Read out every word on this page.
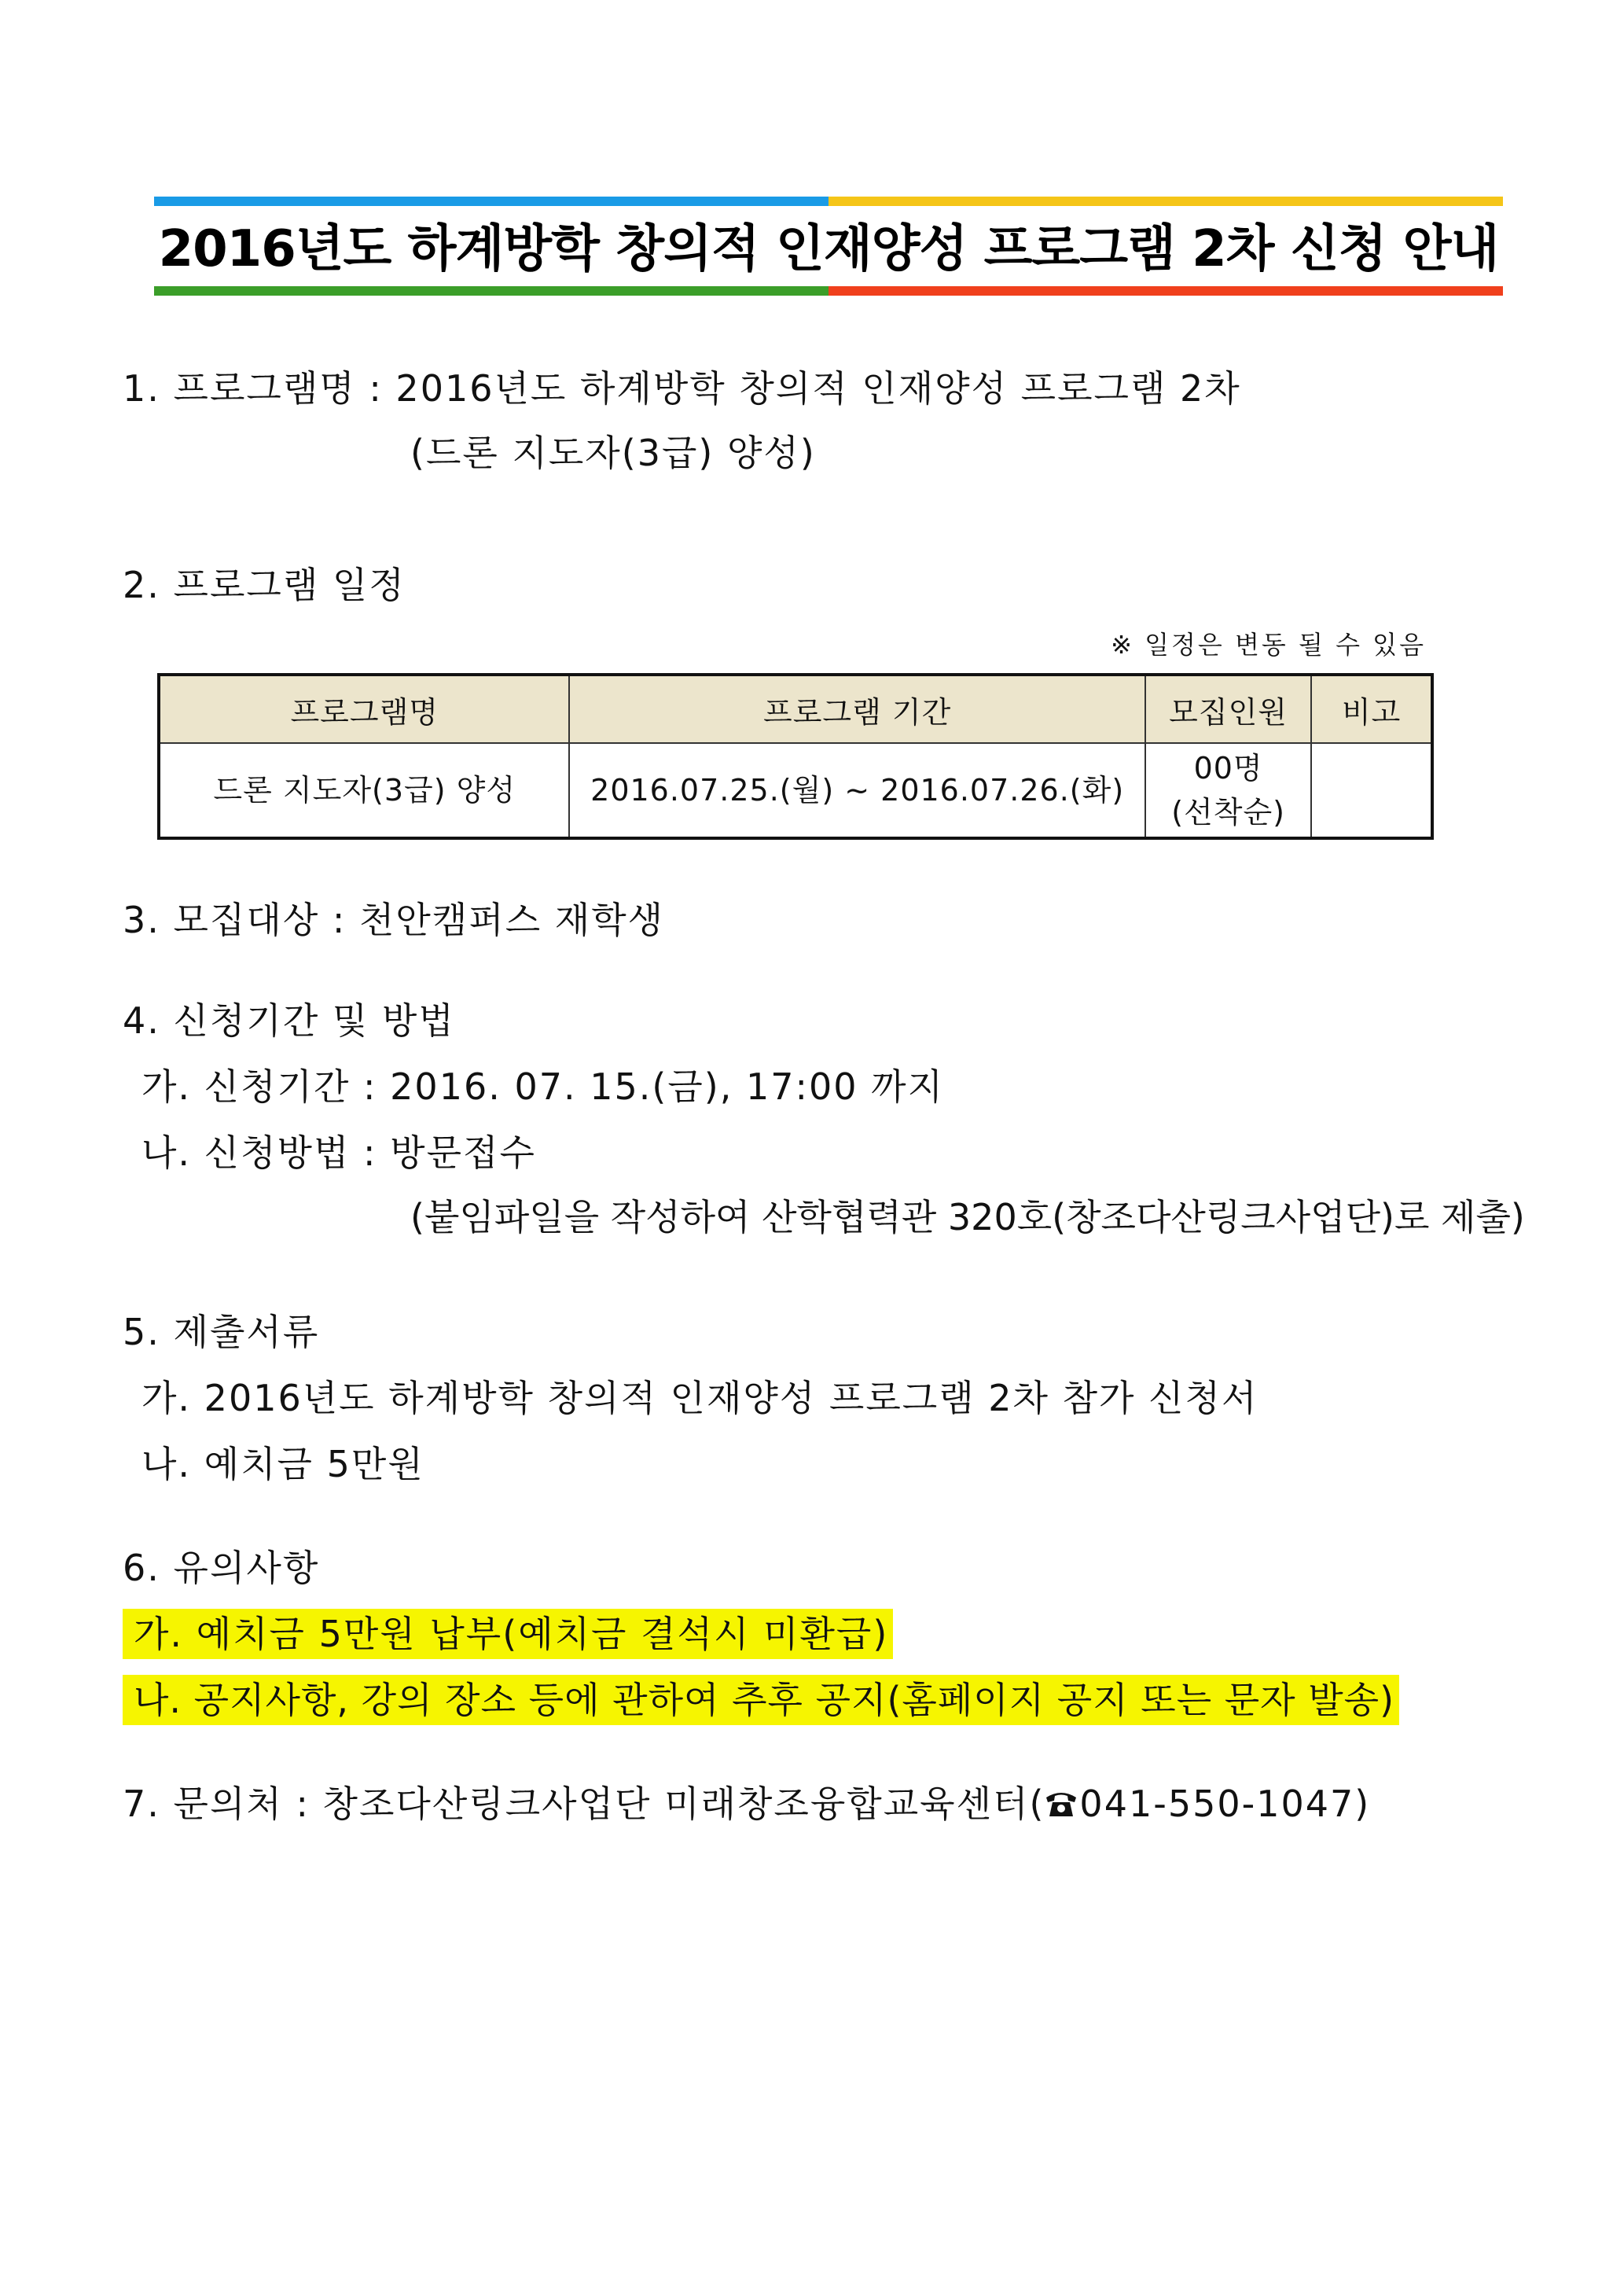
2016년도 하계방학 창의적 인재양성 프로그램 2차 신청 안내
1. 프로그램명 : 2016년도 하계방학 창의적 인재양성 프로그램 2차
(드론 지도자(3급) 양성)
2. 프로그램 일정
※ 일정은 변동 될 수 있음
프로그램명	프로그램 기간	모집인원	비고
드론 지도자(3급) 양성	2016.07.25.(월) ~ 2016.07.26.(화)	00명
(선착순)	

3. 모집대상 : 천안캠퍼스 재학생
4. 신청기간 및 방법
가. 신청기간 : 2016. 07. 15.(금), 17:00 까지
나. 신청방법 : 방문접수
(붙임파일을 작성하여 산학협력관 320호(창조다산링크사업단)로 제출)
5. 제출서류
가. 2016년도 하계방학 창의적 인재양성 프로그램 2차 참가 신청서
나. 예치금 5만원
6. 유의사항
가. 예치금 5만원 납부(예치금 결석시 미환급)
나. 공지사항, 강의 장소 등에 관하여 추후 공지(홈페이지 공지 또는 문자 발송)
7. 문의처 : 창조다산링크사업단 미래창조융합교육센터( 041-550-1047)
